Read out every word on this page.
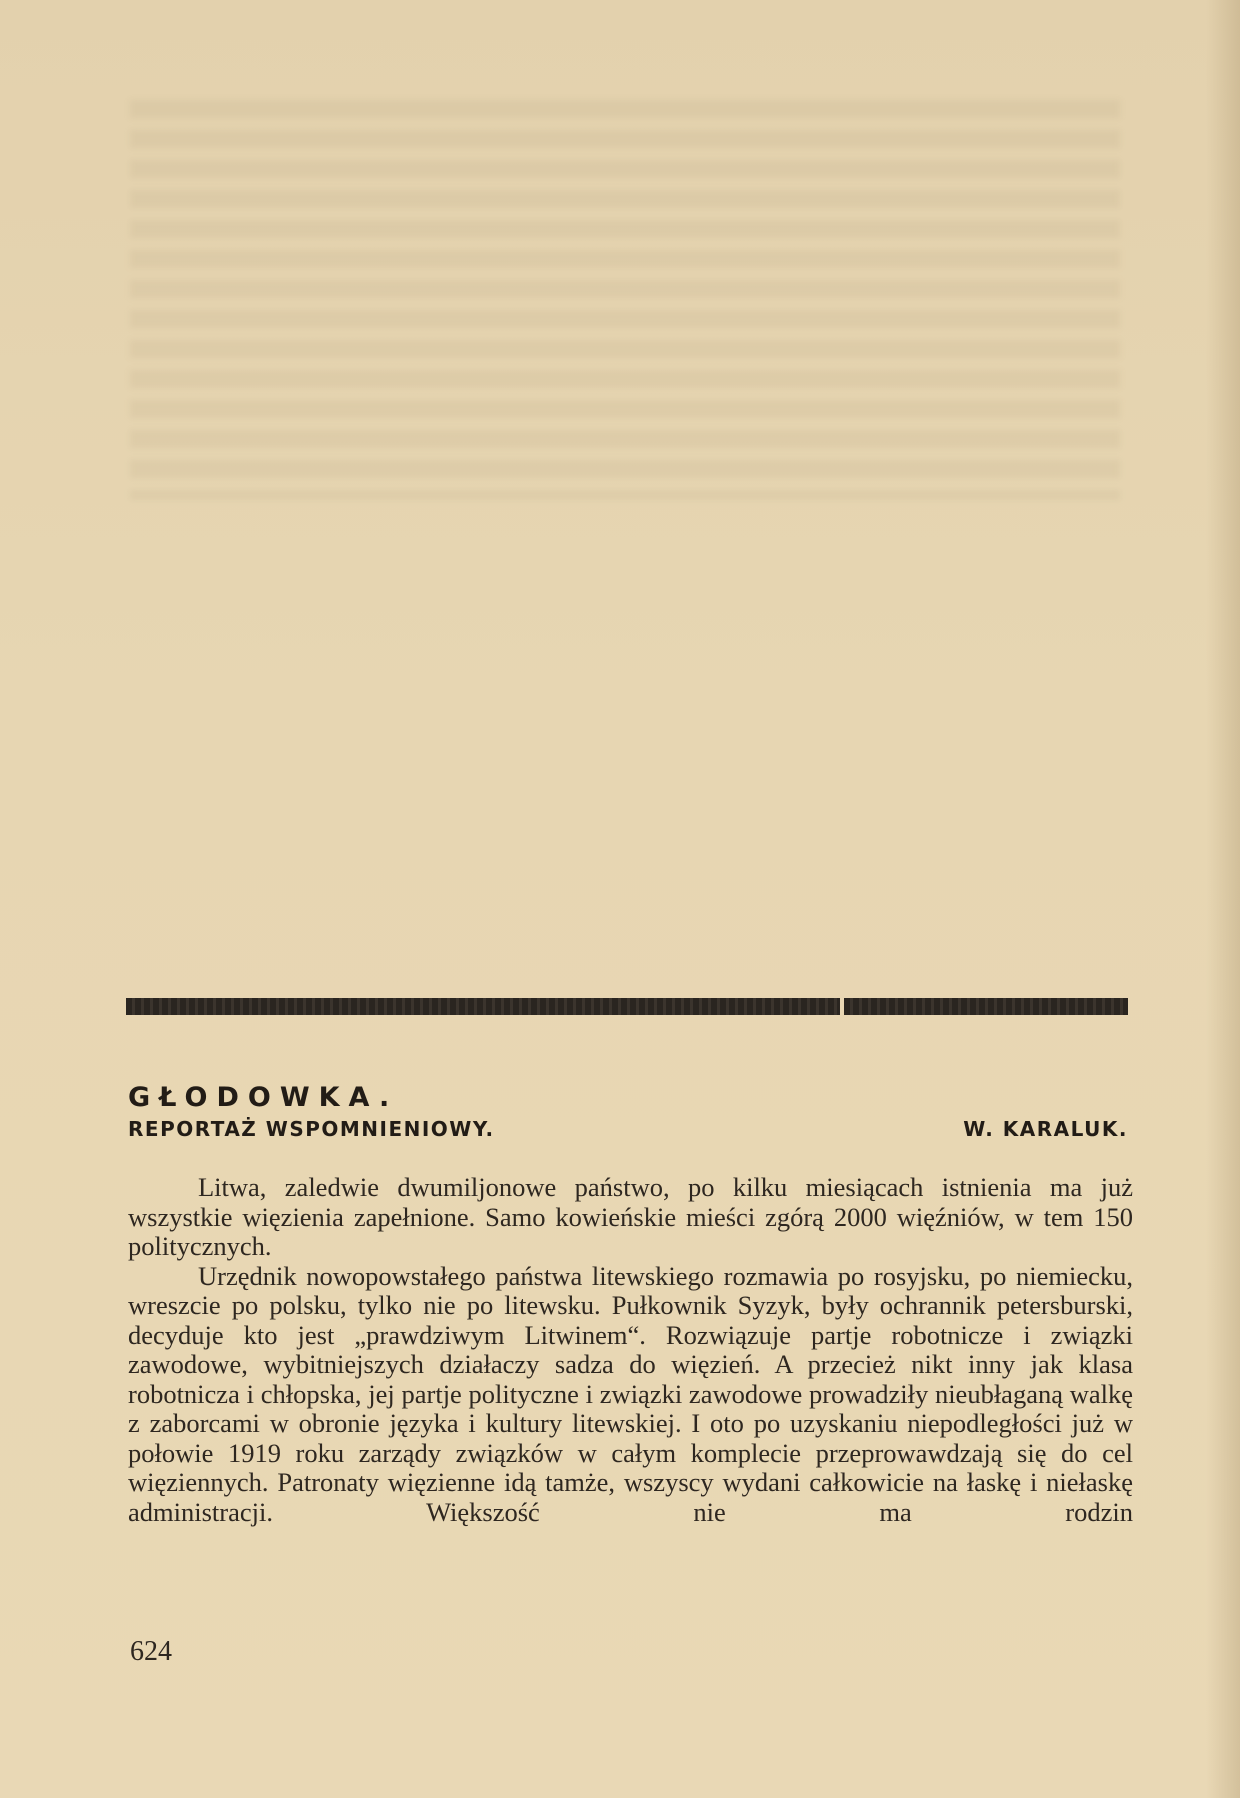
GŁODOWKA.
REPORTAŻ WSPOMNIENIOWY.	W. KARALUK.

Litwa, zaledwie dwumiljonowe państwo, po kilku miesiącach istnienia ma już wszystkie więzienia zapełnione. Samo kowieńskie mieści zgórą 2000 więźniów, w tem 150 politycznych.

Urzędnik nowopowstałego państwa litewskiego rozmawia po rosyjsku, po niemiecku, wreszcie po polsku, tylko nie po litewsku. Pułkownik Syzyk, były ochrannik petersburski, decyduje kto jest „prawdziwym Litwinem“. Rozwiązuje partje robotnicze i związki zawodowe, wybitniejszych działaczy sadza do więzień. A przecież nikt inny jak klasa robotnicza i chłopska, jej partje polityczne i związki zawodowe prowadziły nieubłaganą walkę z zaborcami w obronie języka i kultury litewskiej. I oto po uzyskaniu niepodległości już w połowie 1919 roku zarządy związków w całym komplecie przeprowawdzają się do cel więziennych. Patronaty więzienne idą tamże, wszyscy wydani całkowicie na łaskę i niełaskę administracji. Większość nie ma rodzin

624
